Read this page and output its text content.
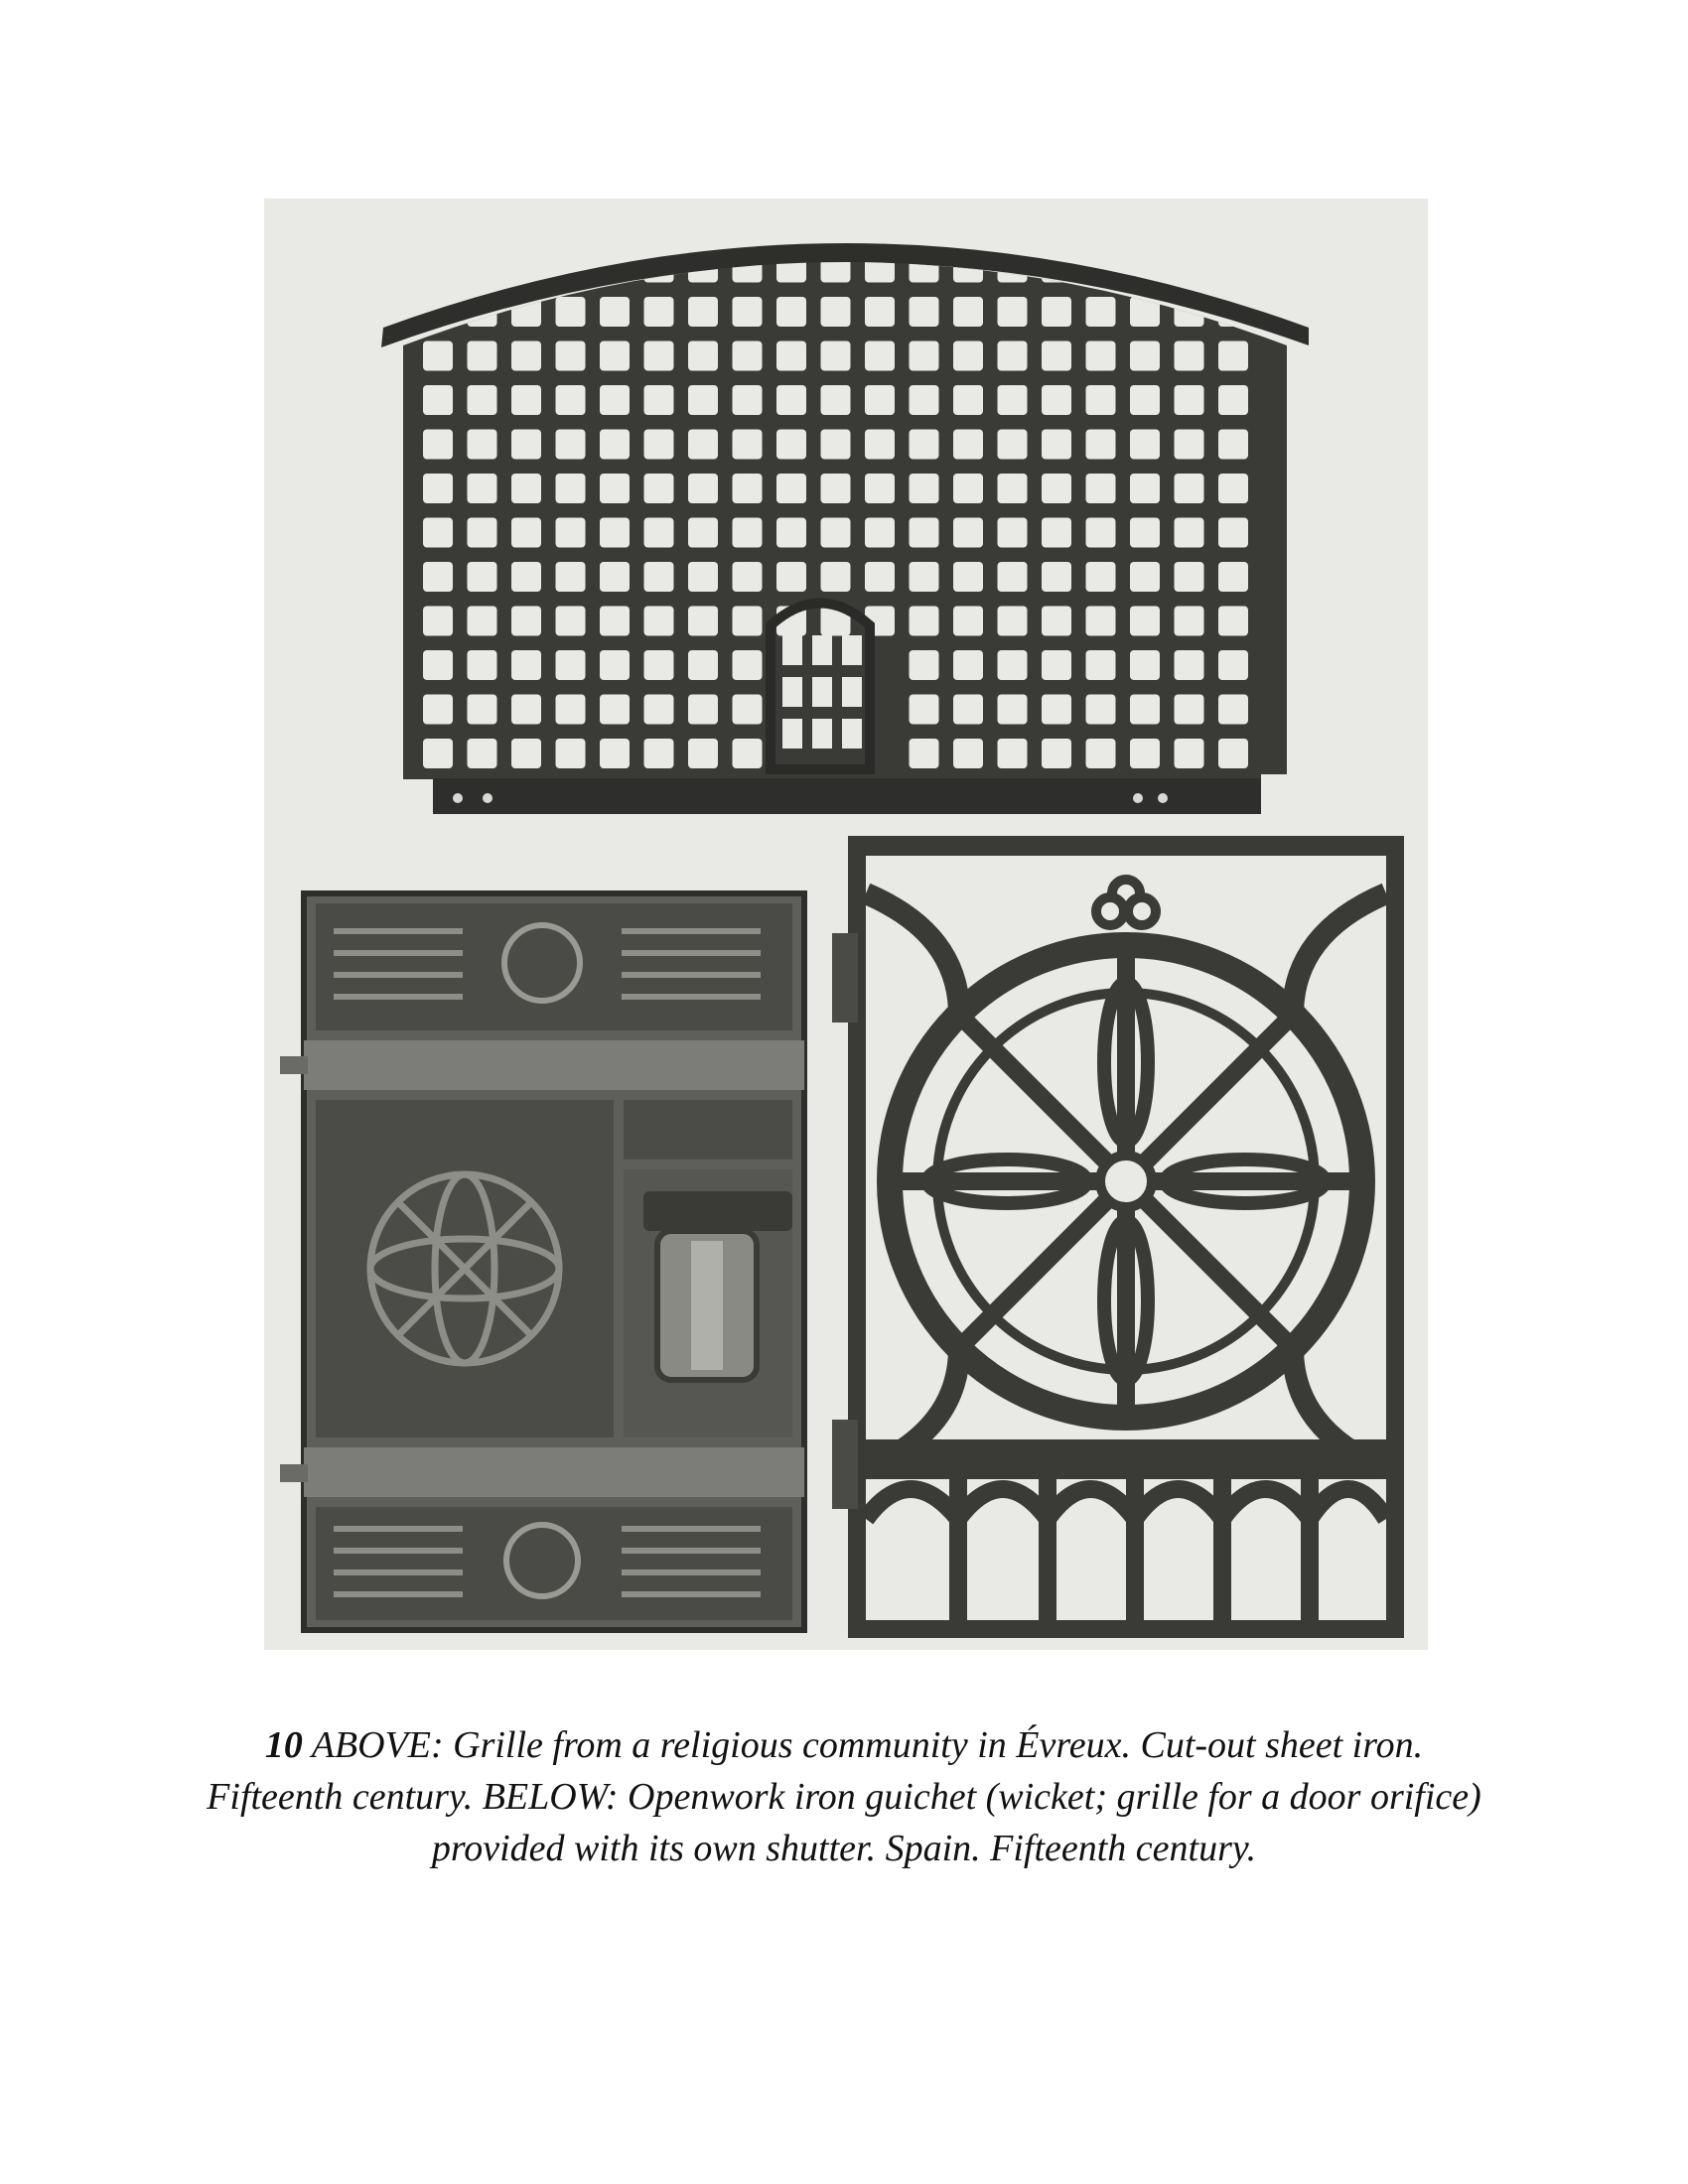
10 ABOVE: Grille from a religious community in Évreux. Cut-out sheet iron. Fifteenth century. BELOW: Openwork iron guichet (wicket; grille for a door orifice) provided with its own shutter. Spain. Fifteenth century.
